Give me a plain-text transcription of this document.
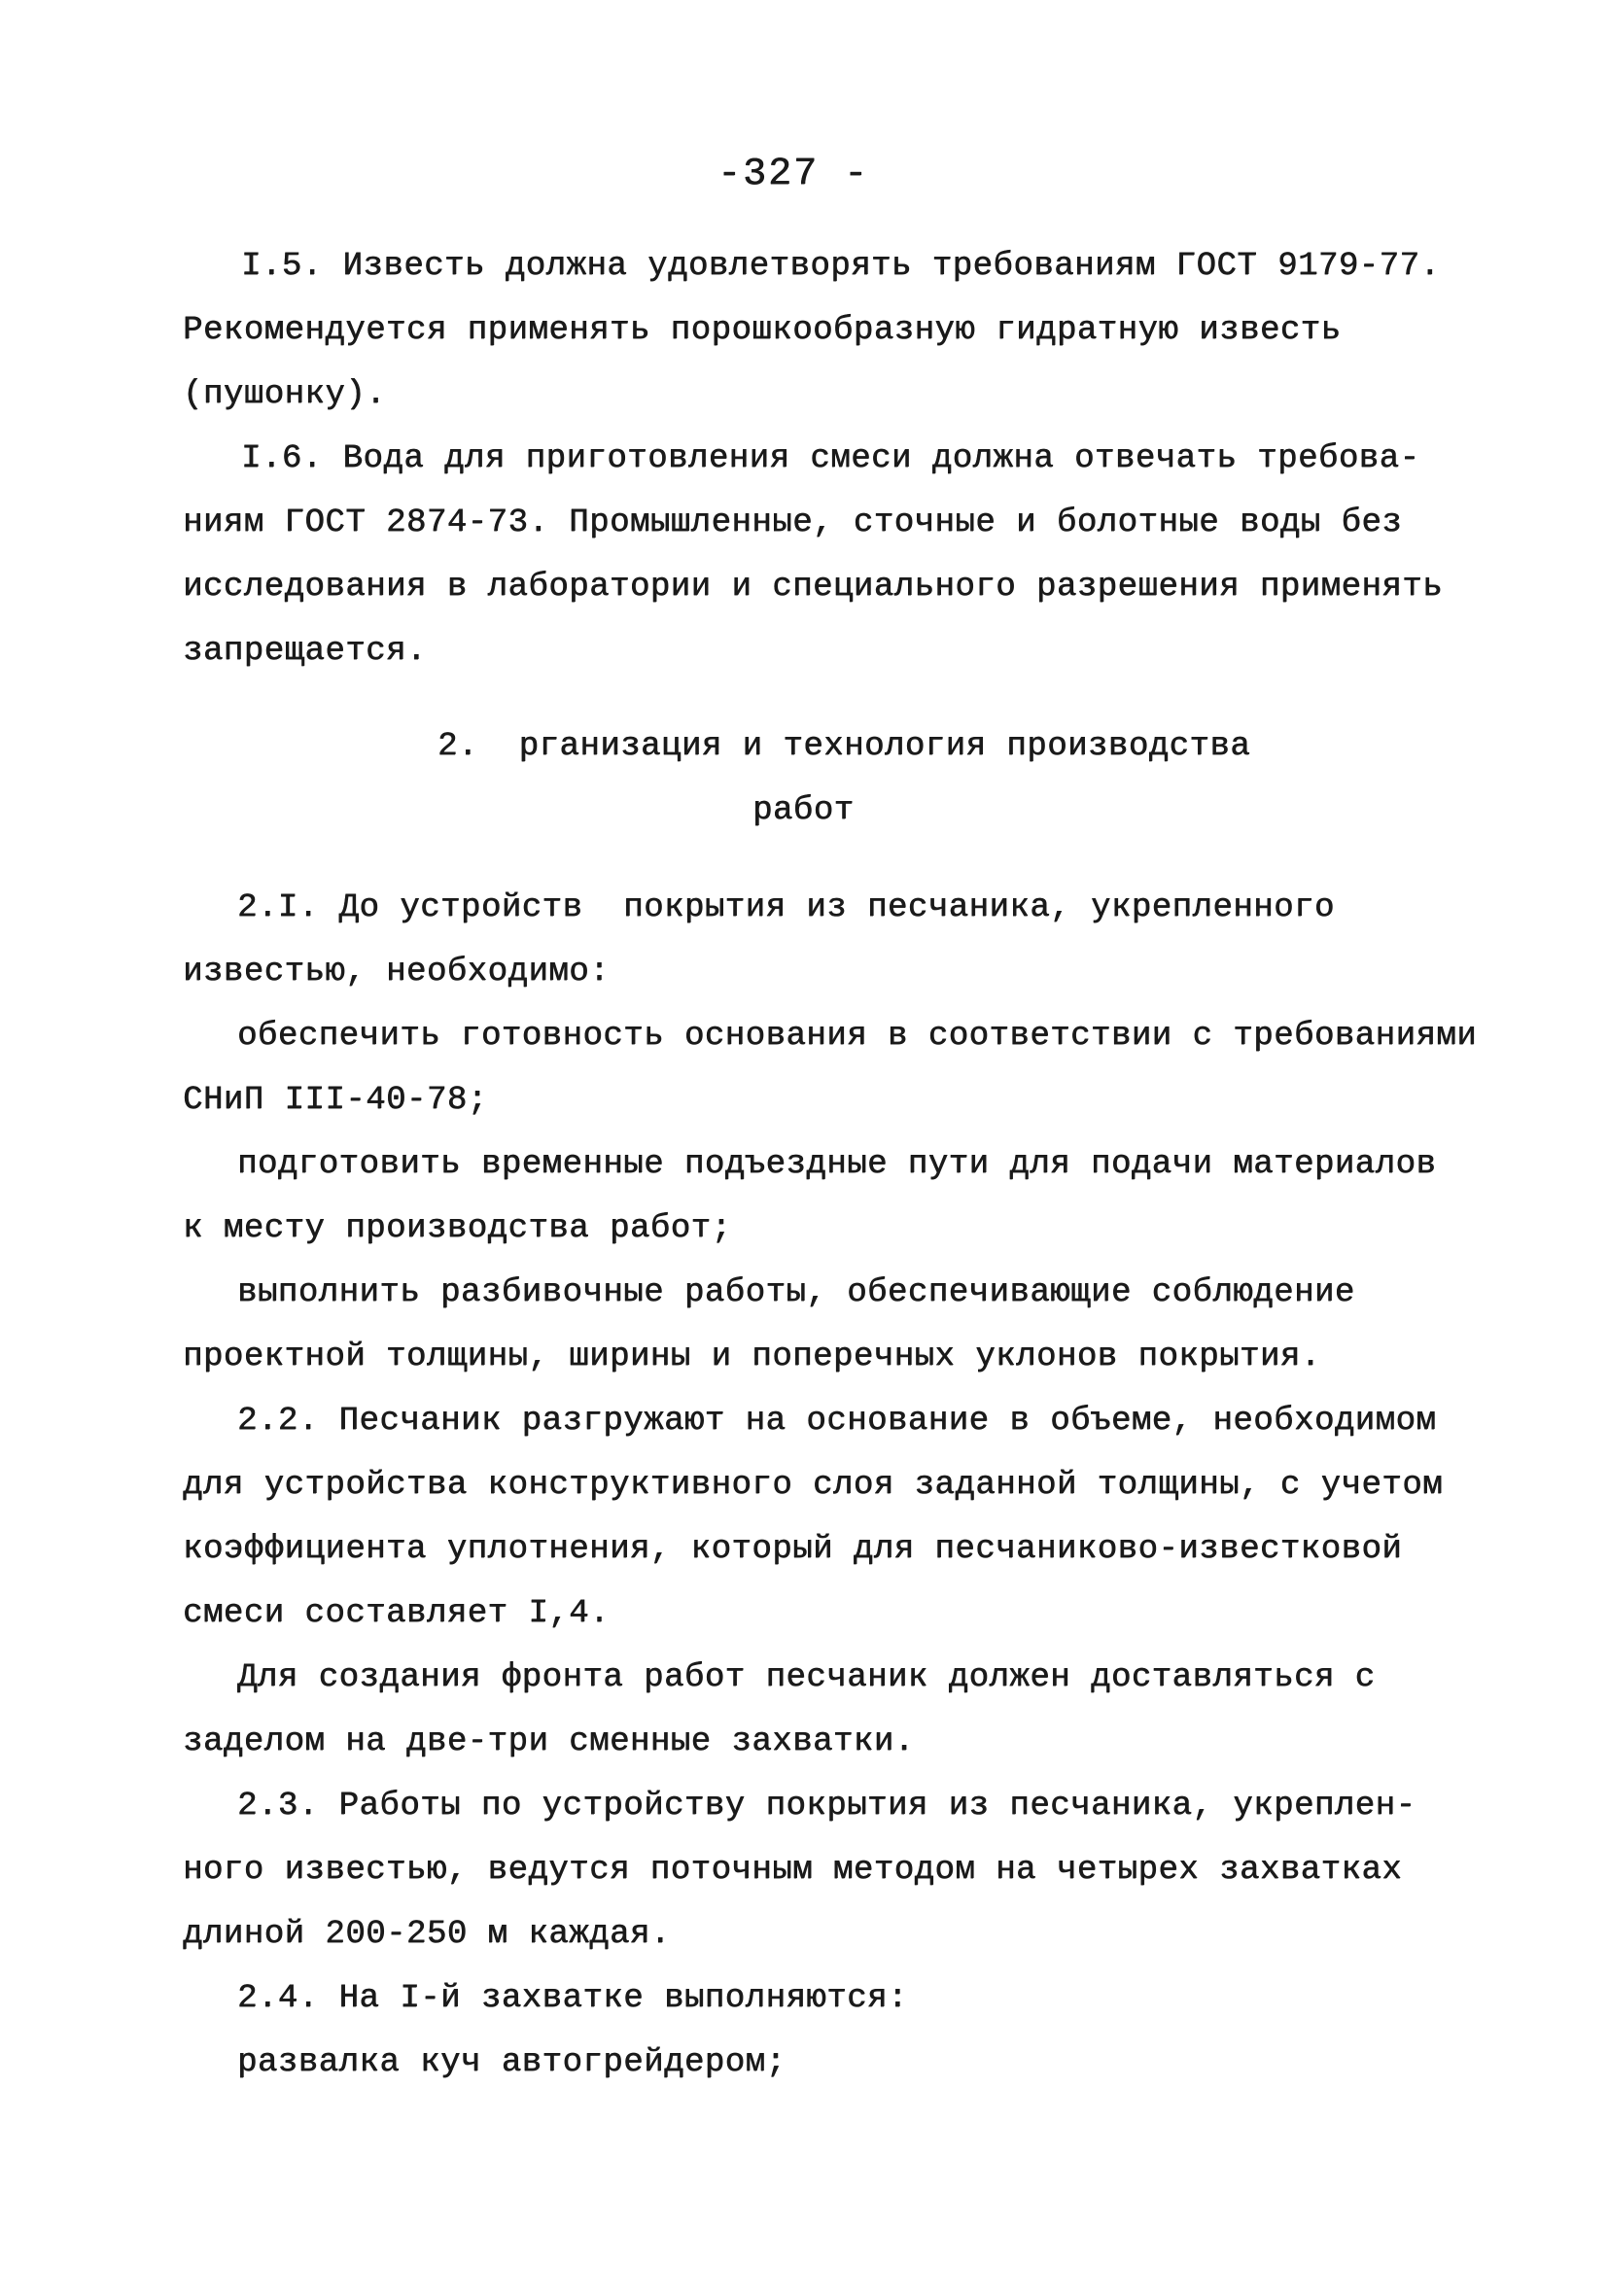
-327 -
I.5. Известь должна удовлетворять требованиям ГОСТ 9179-77.
Рекомендуется применять порошкообразную гидратную известь
(пушонку).
I.6. Вода для приготовления смеси должна отвечать требова-
ниям ГОСТ 2874-73. Промышленные, сточные и болотные воды без
исследования в лаборатории и специального разрешения применять
запрещается.
2.  рганизация и технология производства
работ
2.I. До устройств  покрытия из песчаника, укрепленного
известью, необходимо:
обеспечить готовность основания в соответствии с требованиями
СНиП III-40-78;
подготовить временные подъездные пути для подачи материалов
к месту производства работ;
выполнить разбивочные работы, обеспечивающие соблюдение
проектной толщины, ширины и поперечных уклонов покрытия.
2.2. Песчаник разгружают на основание в объеме, необходимом
для устройства конструктивного слоя заданной толщины, с учетом
коэффициента уплотнения, который для песчаниково-известковой
смеси составляет I,4.
Для создания фронта работ песчаник должен доставляться с
заделом на две-три сменные захватки.
2.3. Работы по устройству покрытия из песчаника, укреплен-
ного известью, ведутся поточным методом на четырех захватках
длиной 200-250 м каждая.
2.4. На I-й захватке выполняются:
развалка куч автогрейдером;
